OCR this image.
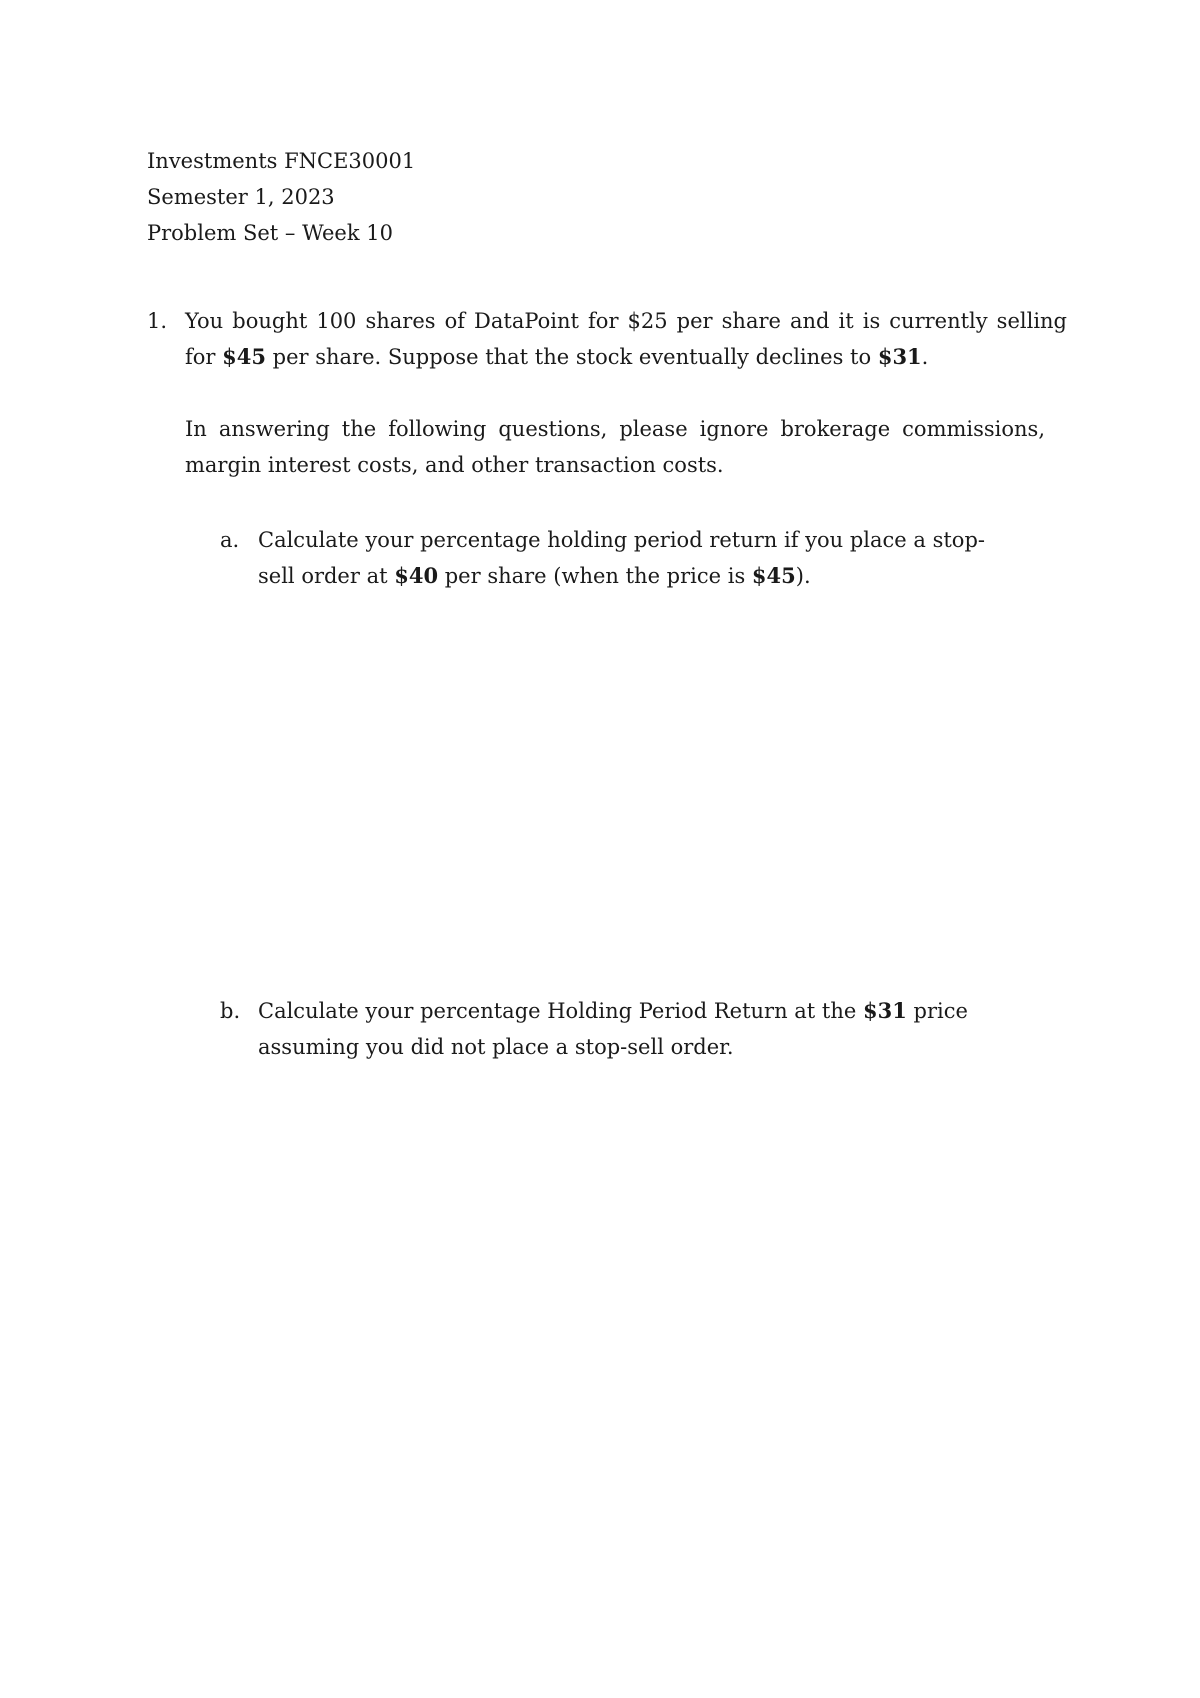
Investments FNCE30001
Semester 1, 2023
Problem Set – Week 10
1. You bought 100 shares of DataPoint for $25 per share and it is currently selling for $45 per share. Suppose that the stock eventually declines to $31.
In answering the following questions, please ignore brokerage commissions, margin interest costs, and other transaction costs.
a. Calculate your percentage holding period return if you place a stop-sell order at $40 per share (when the price is $45).
b. Calculate your percentage Holding Period Return at the $31 price assuming you did not place a stop-sell order.
